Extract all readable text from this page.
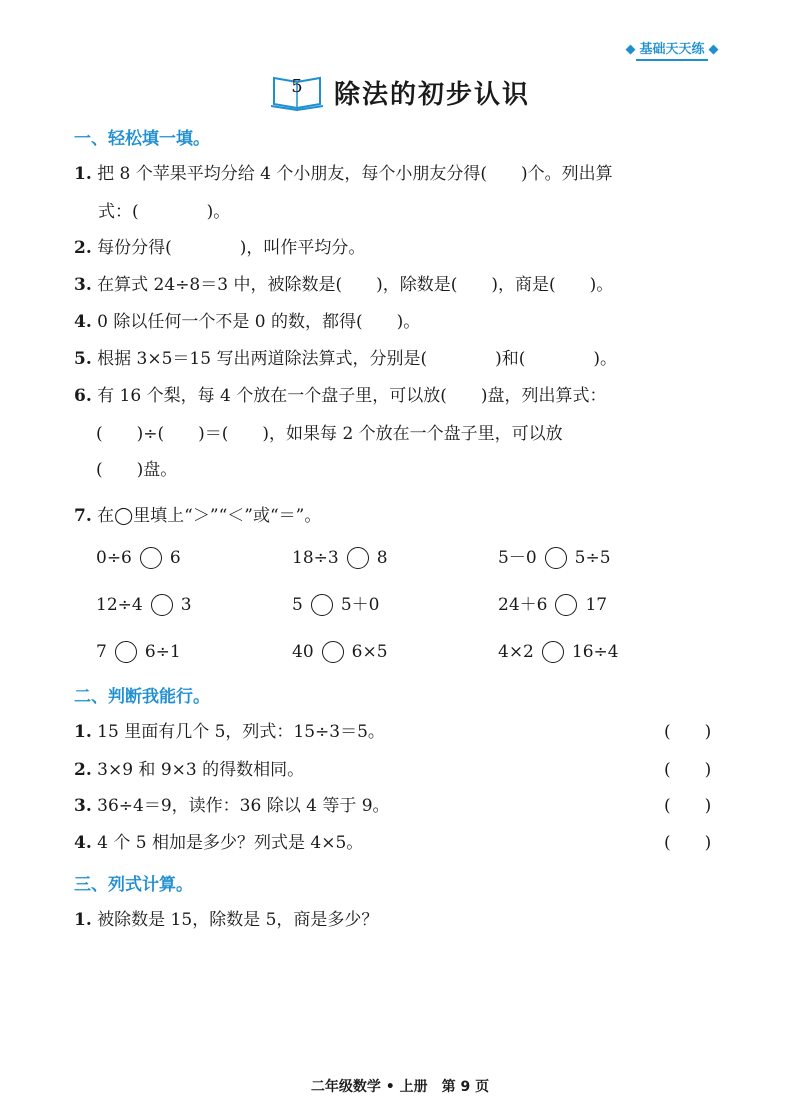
◆ 基础天天练 ◆
5	除法的初步认识
一、轻松填一填。
1. 把 8 个苹果平均分给 4 个小朋友，每个小朋友分得(　　)个。列出算
式：(　　　　)。
2. 每份分得(　　　　)，叫作平均分。
3. 在算式 24÷8＝3 中，被除数是(　　)，除数是(　　)，商是(　　)。
4. 0 除以任何一个不是 0 的数，都得(　　)。
5. 根据 3×5＝15 写出两道除法算式，分别是(　　　　)和(　　　　)。
6. 有 16 个梨，每 4 个放在一个盘子里，可以放(　　)盘，列出算式：
(　　)÷(　　)＝(　　)，如果每 2 个放在一个盘子里，可以放
(　　)盘。
7. 在◯里填上“＞”“＜”或“＝”。
0÷6 6	18÷3 8	5－0 5÷5
12÷4 3	5 5＋0	24＋6 17
7 6÷1	40 6×5	4×2 16÷4
二、判断我能行。
1. 15 里面有几个 5，列式：15÷3＝5。	(　　)
2. 3×9 和 9×3 的得数相同。	(　　)
3. 36÷4＝9，读作：36 除以 4 等于 9。	(　　)
4. 4 个 5 相加是多少？列式是 4×5。	(　　)
三、列式计算。
1. 被除数是 15，除数是 5，商是多少？
二年级数学 • 上册　第 9 页
